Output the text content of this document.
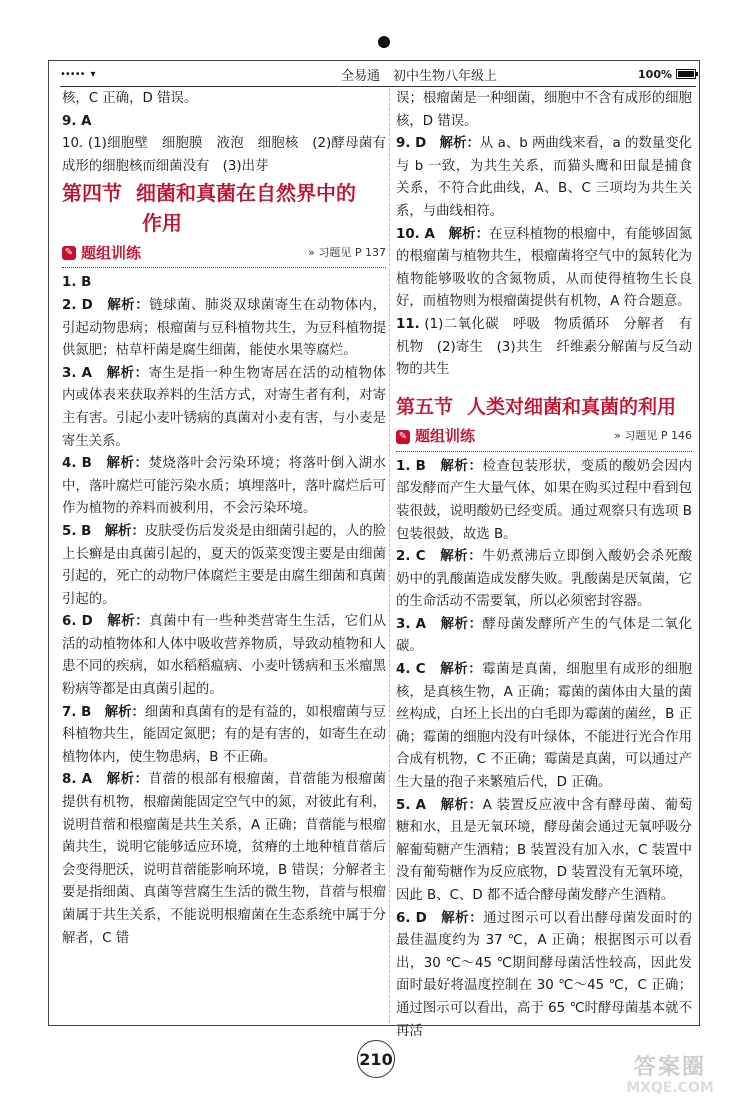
••••• ▾	全易通　初中生物八年级上	100%

核，C 正确，D 错误。

9. A

10. (1)细胞壁　细胞膜　液泡　细胞核　(2)酵母菌有成形的细胞核而细菌没有　(3)出芽

第四节 细菌和真菌在自然界中的
作用
✎ 题组训练	» 习题见 P 137

1. B

2. D　 解析：链球菌、肺炎双球菌寄生在动物体内，引起动物患病；根瘤菌与豆科植物共生，为豆科植物提供氮肥；枯草杆菌是腐生细菌，能使水果等腐烂。

3. A　 解析：寄生是指一种生物寄居在活的动植物体内或体表来获取养料的生活方式，对寄生者有利，对寄主有害。引起小麦叶锈病的真菌对小麦有害，与小麦是寄生关系。

4. B　 解析：焚烧落叶会污染环境；将落叶倒入湖水中，落叶腐烂可能污染水质；填埋落叶，落叶腐烂后可作为植物的养料而被利用，不会污染环境。

5. B　 解析：皮肤受伤后发炎是由细菌引起的，人的脸上长癣是由真菌引起的，夏天的饭菜变馊主要是由细菌引起的，死亡的动物尸体腐烂主要是由腐生细菌和真菌引起的。

6. D　 解析：真菌中有一些种类营寄生生活，它们从活的动植物体和人体中吸收营养物质，导致动植物和人患不同的疾病，如水稻稻瘟病、小麦叶锈病和玉米瘤黑粉病等都是由真菌引起的。

7. B　 解析：细菌和真菌有的是有益的，如根瘤菌与豆科植物共生，能固定氮肥；有的是有害的，如寄生在动植物体内，使生物患病，B 不正确。

8. A　 解析：苜蓿的根部有根瘤菌，苜蓿能为根瘤菌提供有机物，根瘤菌能固定空气中的氮，对彼此有利，说明苜蓿和根瘤菌是共生关系，A 正确；苜蓿能与根瘤菌共生，说明它能够适应环境，贫瘠的土地种植苜蓿后会变得肥沃，说明苜蓿能影响环境，B 错误；分解者主要是指细菌、真菌等营腐生生活的微生物，苜蓿与根瘤菌属于共生关系，不能说明根瘤菌在生态系统中属于分解者，C 错

误；根瘤菌是一种细菌，细胞中不含有成形的细胞核，D 错误。

9. D　 解析：从 a、b 两曲线来看，a 的数量变化与 b 一致，为共生关系，而猫头鹰和田鼠是捕食关系，不符合此曲线，A、B、C 三项均为共生关系，与曲线相符。

10. A　 解析：在豆科植物的根瘤中，有能够固氮的根瘤菌与植物共生，根瘤菌将空气中的氮转化为植物能够吸收的含氮物质，从而使得植物生长良好，而植物则为根瘤菌提供有机物，A 符合题意。

11. (1)二氧化碳　呼吸　物质循环　分解者　有机物　(2)寄生　(3)共生　纤维素分解菌与反刍动物的共生

第五节 人类对细菌和真菌的利用
✎ 题组训练	» 习题见 P 146

1. B　 解析：检查包装形状，变质的酸奶会因内部发酵而产生大量气体，如果在购买过程中看到包装很鼓，说明酸奶已经变质。通过观察只有选项 B 包装很鼓，故选 B。

2. C　 解析：牛奶煮沸后立即倒入酸奶会杀死酸奶中的乳酸菌造成发酵失败。乳酸菌是厌氧菌，它的生命活动不需要氧，所以必须密封容器。

3. A　 解析：酵母菌发酵所产生的气体是二氧化碳。

4. C　 解析：霉菌是真菌，细胞里有成形的细胞核，是真核生物，A 正确；霉菌的菌体由大量的菌丝构成，白坯上长出的白毛即为霉菌的菌丝，B 正确；霉菌的细胞内没有叶绿体，不能进行光合作用合成有机物，C 不正确；霉菌是真菌，可以通过产生大量的孢子来繁殖后代，D 正确。

5. A　 解析：A 装置反应液中含有酵母菌、葡萄糖和水，且是无氧环境，酵母菌会通过无氧呼吸分解葡萄糖产生酒精；B 装置没有加入水，C 装置中没有葡萄糖作为反应底物，D 装置没有无氧环境，因此 B、C、D 都不适合酵母菌发酵产生酒精。

6. D　 解析：通过图示可以看出酵母菌发面时的最佳温度约为 37 ℃，A 正确；根据图示可以看出，30 ℃～45 ℃期间酵母菌活性较高，因此发面时最好将温度控制在 30 ℃～45 ℃，C 正确；通过图示可以看出，高于 65 ℃时酵母菌基本就不再活

210	答案圈
MXQE.COM
